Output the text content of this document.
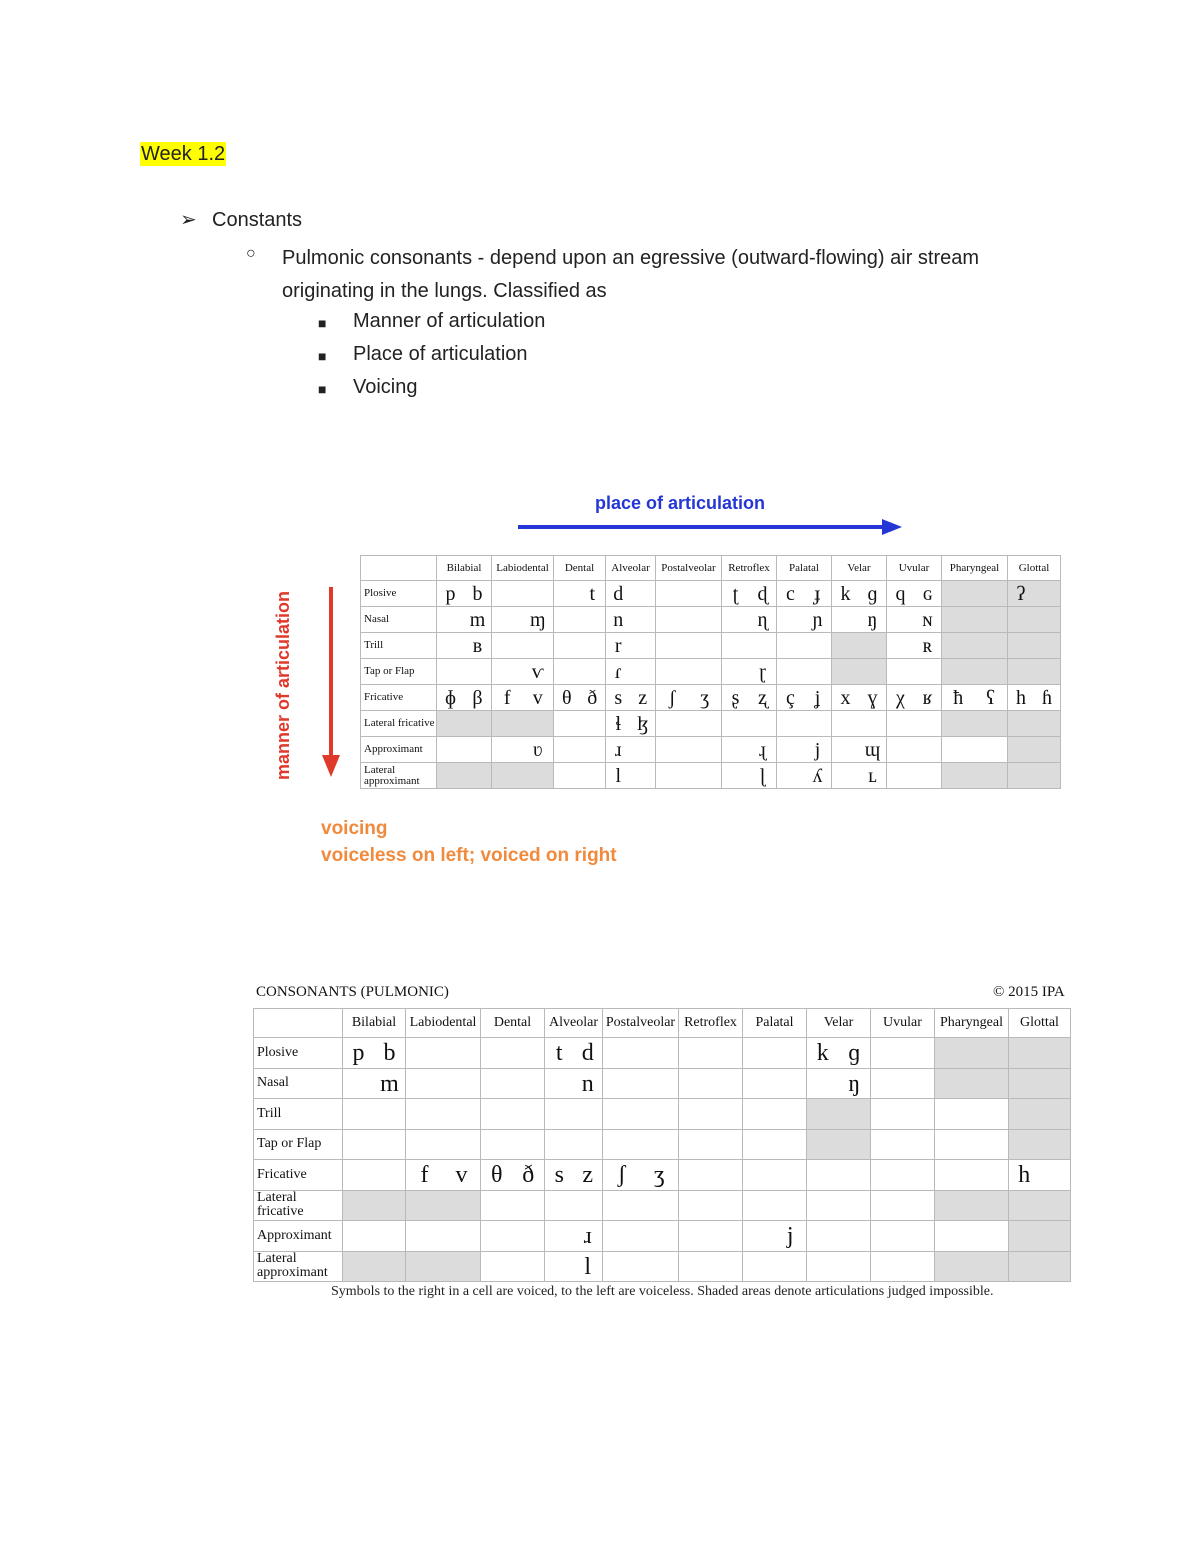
Week 1.2
➢ Constants
○ Pulmonic consonants - depend upon an egressive (outward-flowing) air stream originating in the lungs. Classified as
■ Manner of articulation
■ Place of articulation
■ Voicing
place of articulation
manner of articulation
	Bilabial	Labiodental	Dental	Alveolar	Postalveolar	Retroflex	Palatal	Velar	Uvular	Pharyngeal	Glottal
Plosive	p b		t	d		ʈ ɖ	c ɟ	k ɡ	q ɢ		ʔ

Nasal	m	ɱ		n		ɳ	ɲ	ŋ	ɴ		

Trill	ʙ			r					ʀ		

Tap or Flap		ⱱ		ɾ		ɽ					

Fricative	ɸ β	f v	θ ð	s z	ʃ ʒ	ʂ ʐ	ç ʝ	x ɣ	χ ʁ	ħ ʕ	h ɦ

Lateral fricative				ɬ ɮ							

Approximant		ʋ		ɹ		ɻ	j	ɰ			

Lateral approximant				l		ɭ	ʎ	ʟ			

voicing
voiceless on left; voiced on right
CONSONANTS (PULMONIC)	© 2015 IPA
	Bilabial	Labiodental	Dental	Alveolar	Postalveolar	Retroflex	Palatal	Velar	Uvular	Pharyngeal	Glottal
Plosive	p b			t d				k ɡ			

Nasal	m			n				ŋ			

Trill	

Tap or Flap	

Fricative		f v	θ ð	s z	ʃ ʒ						h

Lateral fricative	

Approximant				ɹ			j				

Lateral approximant				l							

Symbols to the right in a cell are voiced, to the left are voiceless. Shaded areas denote articulations judged impossible.
